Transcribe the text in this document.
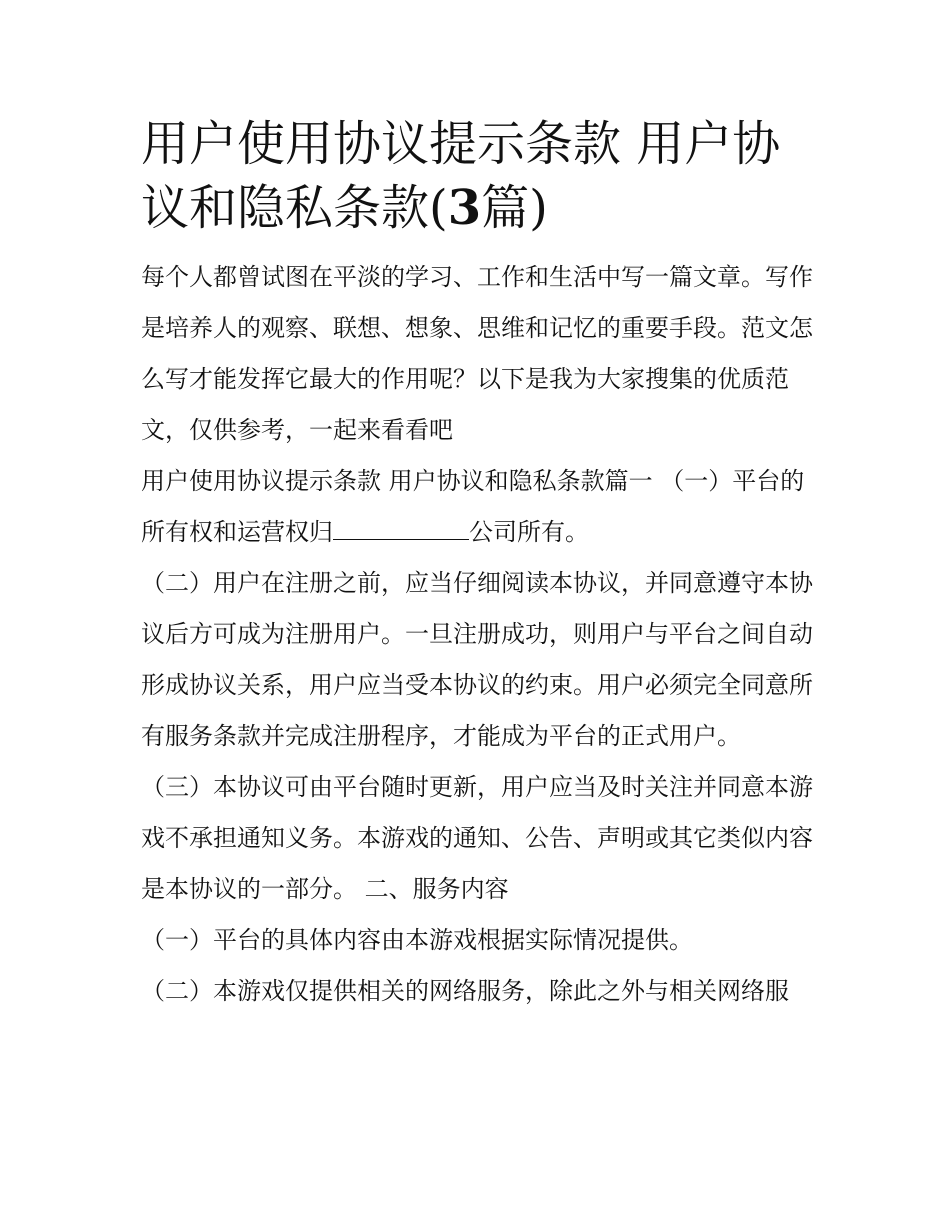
用户使用协议提示条款 用户协议和隐私条款(3篇)

每个人都曾试图在平淡的学习、工作和生活中写一篇文章。写作是培养人的观察、联想、想象、思维和记忆的重要手段。范文怎么写才能发挥它最大的作用呢？以下是我为大家搜集的优质范文，仅供参考，一起来看看吧

用户使用协议提示条款 用户协议和隐私条款篇一 （一）平台的所有权和运营权归	公司所有。

（二）用户在注册之前，应当仔细阅读本协议，并同意遵守本协议后方可成为注册用户。一旦注册成功，则用户与平台之间自动形成协议关系，用户应当受本协议的约束。用户必须完全同意所有服务条款并完成注册程序，才能成为平台的正式用户。

（三）本协议可由平台随时更新，用户应当及时关注并同意本游戏不承担通知义务。本游戏的通知、公告、声明或其它类似内容是本协议的一部分。 二、服务内容

（一）平台的具体内容由本游戏根据实际情况提供。

（二）本游戏仅提供相关的网络服务，除此之外与相关网络服
